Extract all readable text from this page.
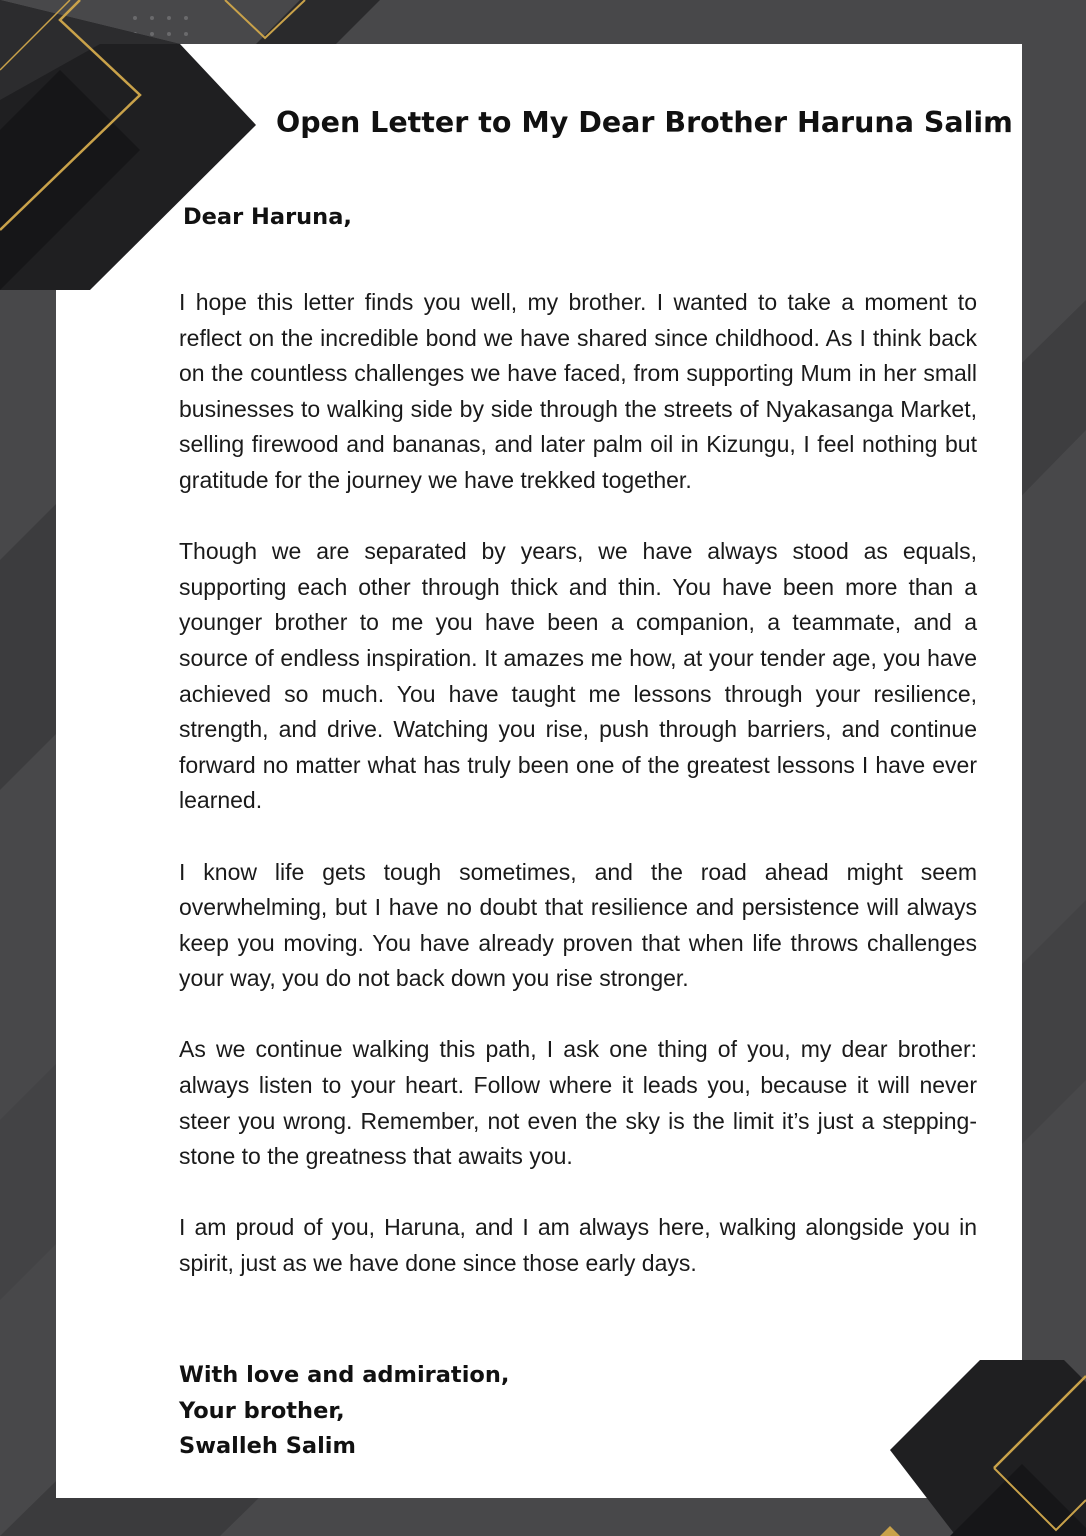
Open Letter to My Dear Brother Haruna Salim
Dear Haruna,

I hope this letter finds you well, my brother. I wanted to take a moment to reflect on the incredible bond we have shared since childhood. As I think back on the countless challenges we have faced, from supporting Mum in her small businesses to walking side by side through the streets of Nyakasanga Market, selling firewood and bananas, and later palm oil in Kizungu, I feel nothing but gratitude for the journey we have trekked together.

Though we are separated by years, we have always stood as equals, supporting each other through thick and thin. You have been more than a younger brother to me you have been a companion, a teammate, and a source of endless inspiration. It amazes me how, at your tender age, you have achieved so much. You have taught me lessons through your resilience, strength, and drive. Watching you rise, push through barriers, and continue forward no matter what has truly been one of the greatest lessons I have ever learned.

I know life gets tough sometimes, and the road ahead might seem overwhelming, but I have no doubt that resilience and persistence will always keep you moving. You have already proven that when life throws challenges your way, you do not back down you rise stronger.

As we continue walking this path, I ask one thing of you, my dear brother: always listen to your heart. Follow where it leads you, because it will never steer you wrong. Remember, not even the sky is the limit it’s just a stepping-stone to the greatness that awaits you.

I am proud of you, Haruna, and I am always here, walking alongside you in spirit, just as we have done since those early days.

With love and admiration,
Your brother,
Swalleh Salim
